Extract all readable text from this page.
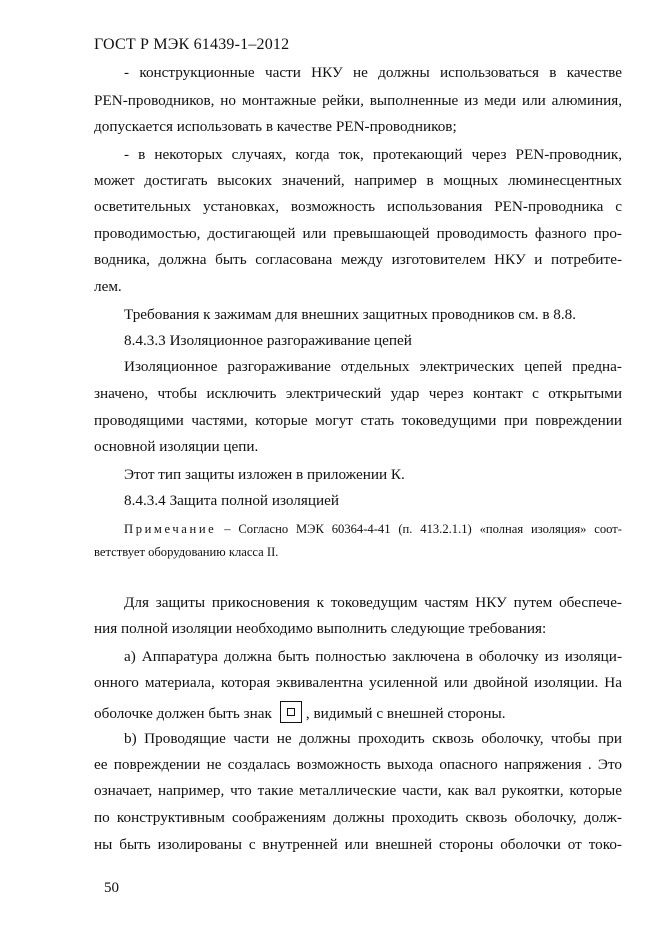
ГОСТ Р МЭК 61439-1–2012
- конструкционные части НКУ не должны использоваться в качестве
PEN-проводников, но монтажные рейки, выполненные из меди или алюминия,
допускается использовать в качестве PEN-проводников;
- в некоторых случаях, когда ток, протекающий через PEN-проводник,
может достигать высоких значений, например в мощных люминесцентных
осветительных установках, возможность использования PEN-проводника с
проводимостью, достигающей или превышающей проводимость фазного про-
водника, должна быть согласована между изготовителем НКУ и потребите-
лем.
Требования к зажимам для внешних защитных проводников см. в 8.8.
8.4.3.3 Изоляционное разгораживание цепей
Изоляционное разгораживание отдельных электрических цепей предна-
значено, чтобы исключить электрический удар через контакт с открытыми
проводящими частями, которые могут стать токоведущими при повреждении
основной изоляции цепи.
Этот тип защиты изложен в приложении К.
8.4.3.4 Защита полной изоляцией
Примечание – Согласно МЭК 60364-4-41 (п. 413.2.1.1) «полная изоляция» соот-
ветствует оборудованию класса II.
Для защиты прикосновения к токоведущим частям НКУ путем обеспече-
ния полной изоляции необходимо выполнить следующие требования:
a) Аппаратура должна быть полностью заключена в оболочку из изоляци-
онного материала, которая эквивалентна усиленной или двойной изоляции. На
оболочке должен быть знак , видимый с внешней стороны.
b) Проводящие части не должны проходить сквозь оболочку, чтобы при
ее повреждении не создалась возможность выхода опасного напряжения . Это
означает, например, что такие металлические части, как вал рукоятки, которые
по конструктивным соображениям должны проходить сквозь оболочку, долж-
ны быть изолированы с внутренней или внешней стороны оболочки от токо-
50
